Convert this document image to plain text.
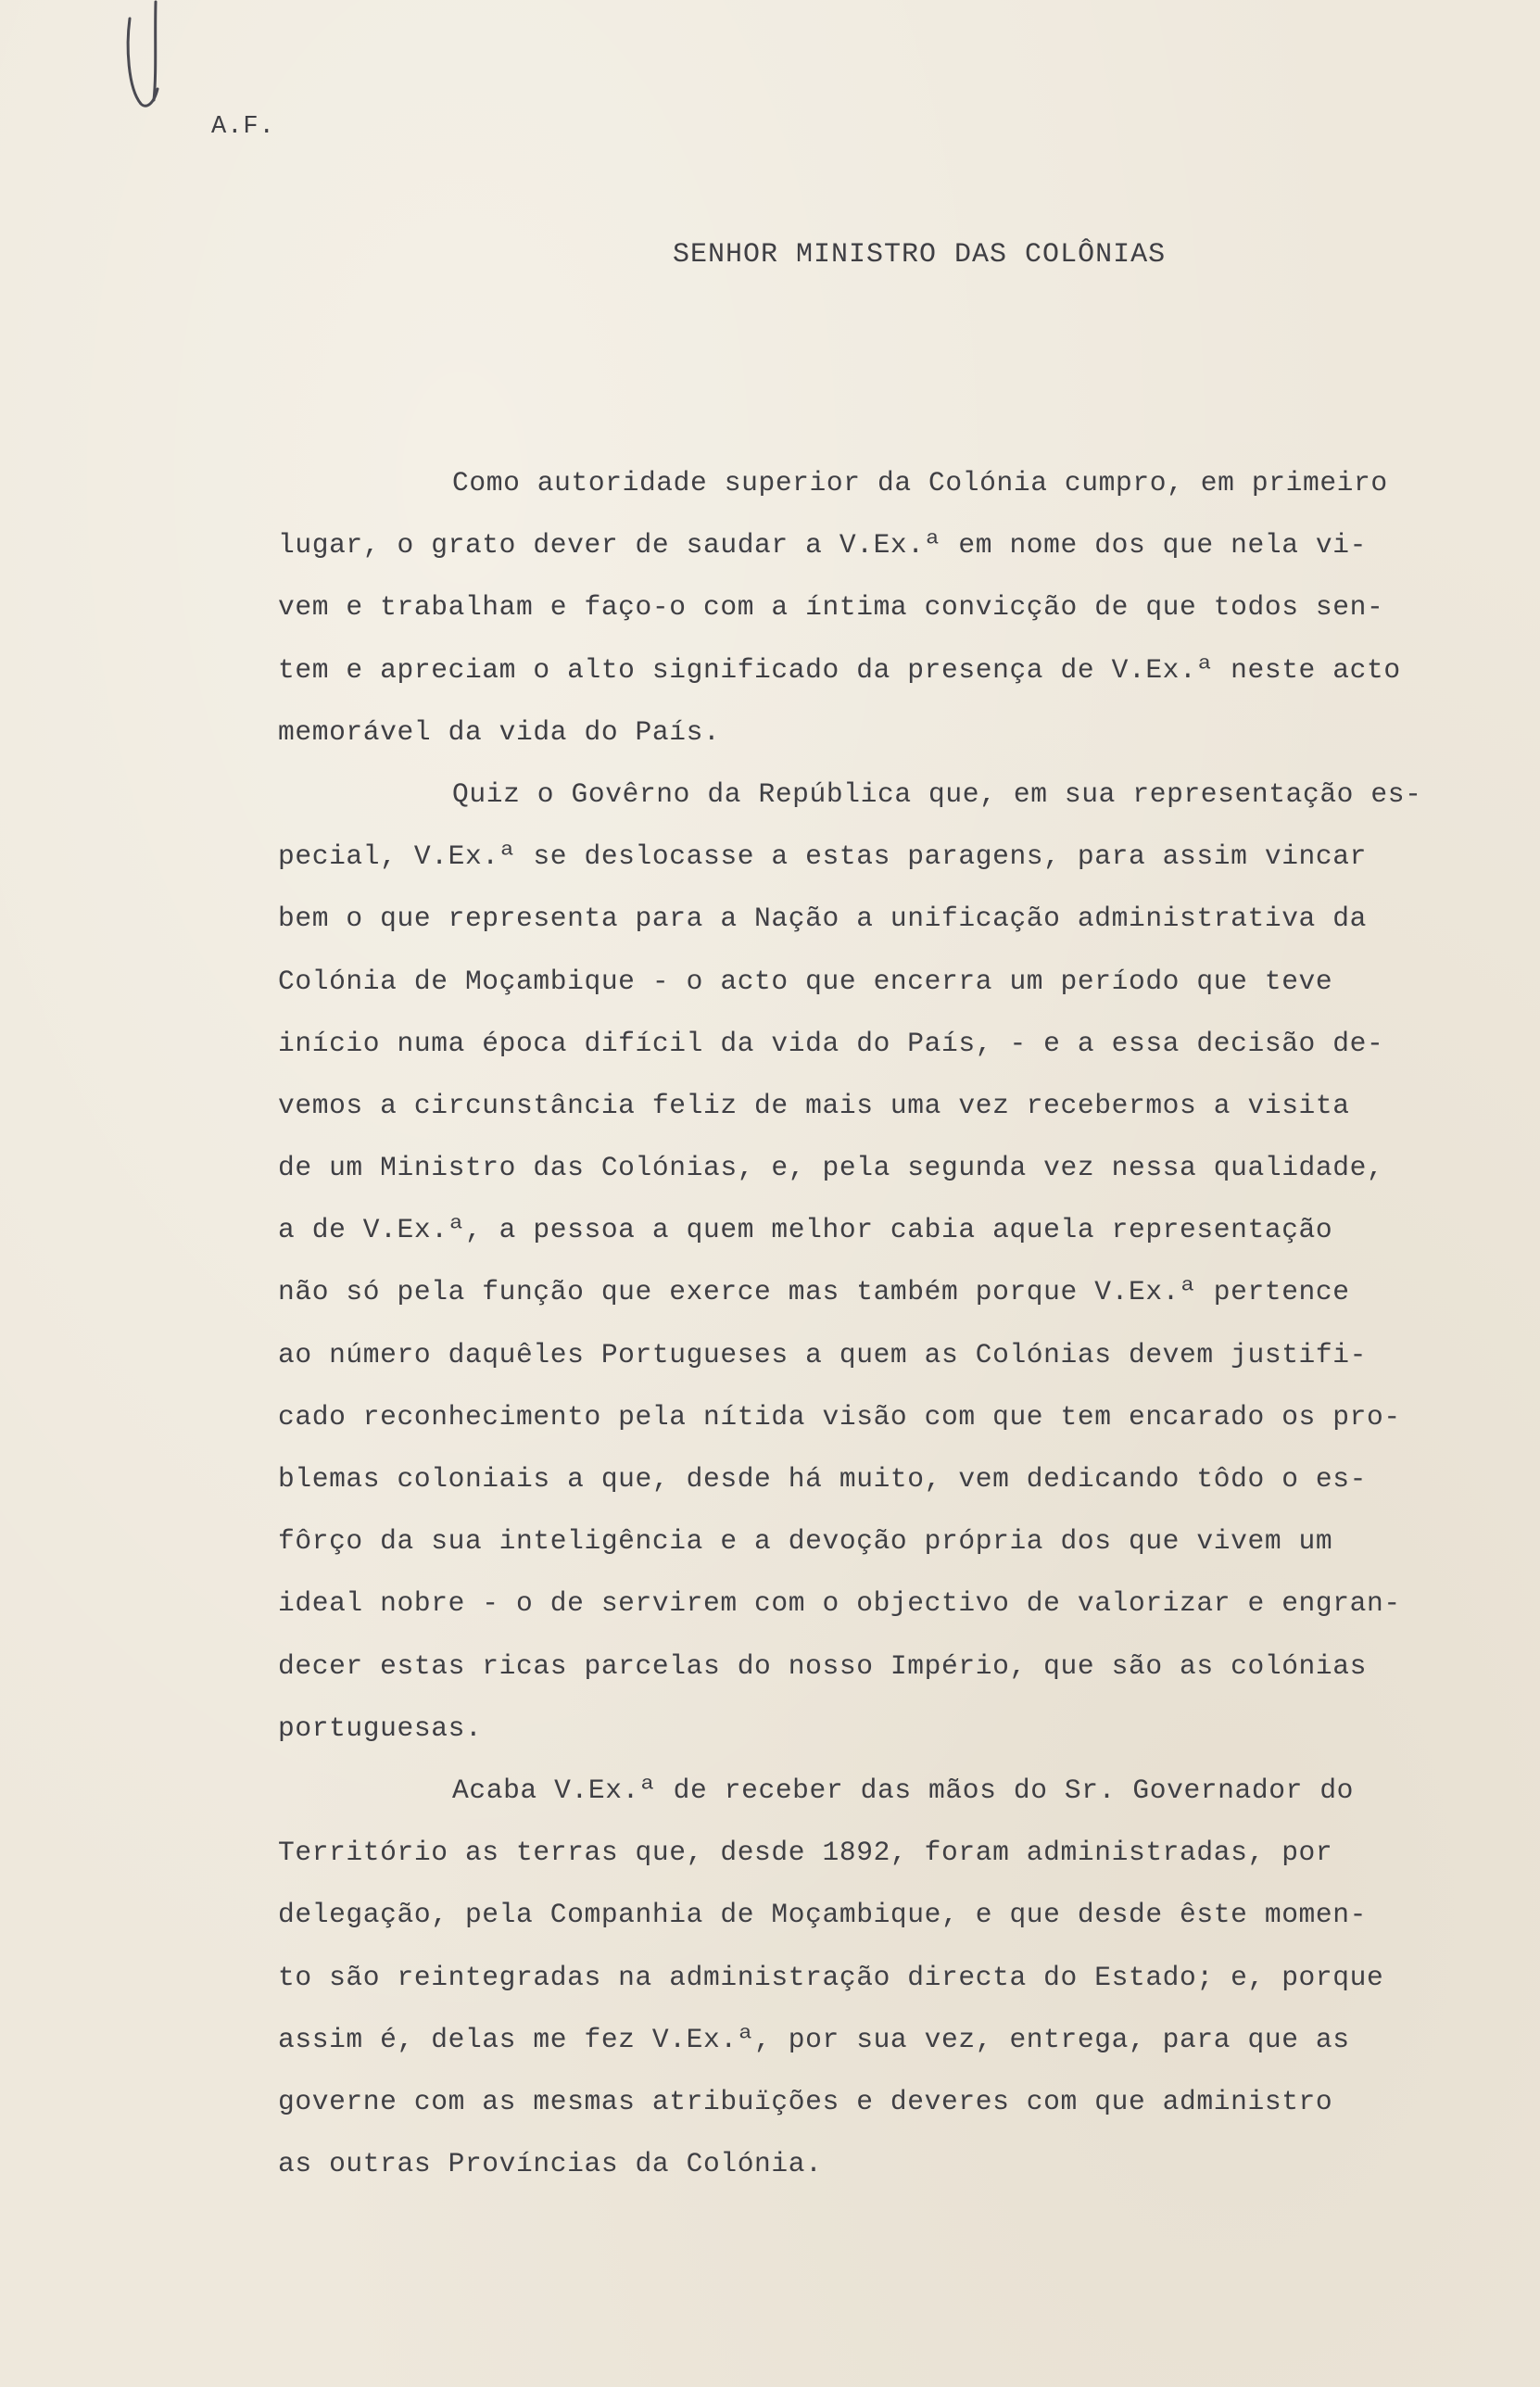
A.F.

SENHOR MINISTRO DAS COLÔNIAS
Como autoridade superior da Colónia cumpro, em primeiro
lugar, o grato dever de saudar a V.Ex.ª em nome dos que nela vi-
vem e trabalham e faço-o com a íntima convicção de que todos sen-
tem e apreciam o alto significado da presença de V.Ex.ª neste acto
memorável da vida do País.
Quiz o Govêrno da República que, em sua representação es-
pecial, V.Ex.ª se deslocasse a estas paragens, para assim vincar
bem o que representa para a Nação a unificação administrativa da
Colónia de Moçambique - o acto que encerra um período que teve
início numa época difícil da vida do País, - e a essa decisão de-
vemos a circunstância feliz de mais uma vez recebermos a visita
de um Ministro das Colónias, e, pela segunda vez nessa qualidade,
a de V.Ex.ª, a pessoa a quem melhor cabia aquela representação
não só pela função que exerce mas também porque V.Ex.ª pertence
ao número daquêles Portugueses a quem as Colónias devem justifi-
cado reconhecimento pela nítida visão com que tem encarado os pro-
blemas coloniais a que, desde há muito, vem dedicando tôdo o es-
fôrço da sua inteligência e a devoção própria dos que vivem um
ideal nobre - o de servirem com o objectivo de valorizar e engran-
decer estas ricas parcelas do nosso Império, que são as colónias
portuguesas.
Acaba V.Ex.ª de receber das mãos do Sr. Governador do
Território as terras que, desde 1892, foram administradas, por
delegação, pela Companhia de Moçambique, e que desde êste momen-
to são reintegradas na administração directa do Estado; e, porque
assim é, delas me fez V.Ex.ª, por sua vez, entrega, para que as
governe com as mesmas atribuïções e deveres com que administro
as outras Províncias da Colónia.
